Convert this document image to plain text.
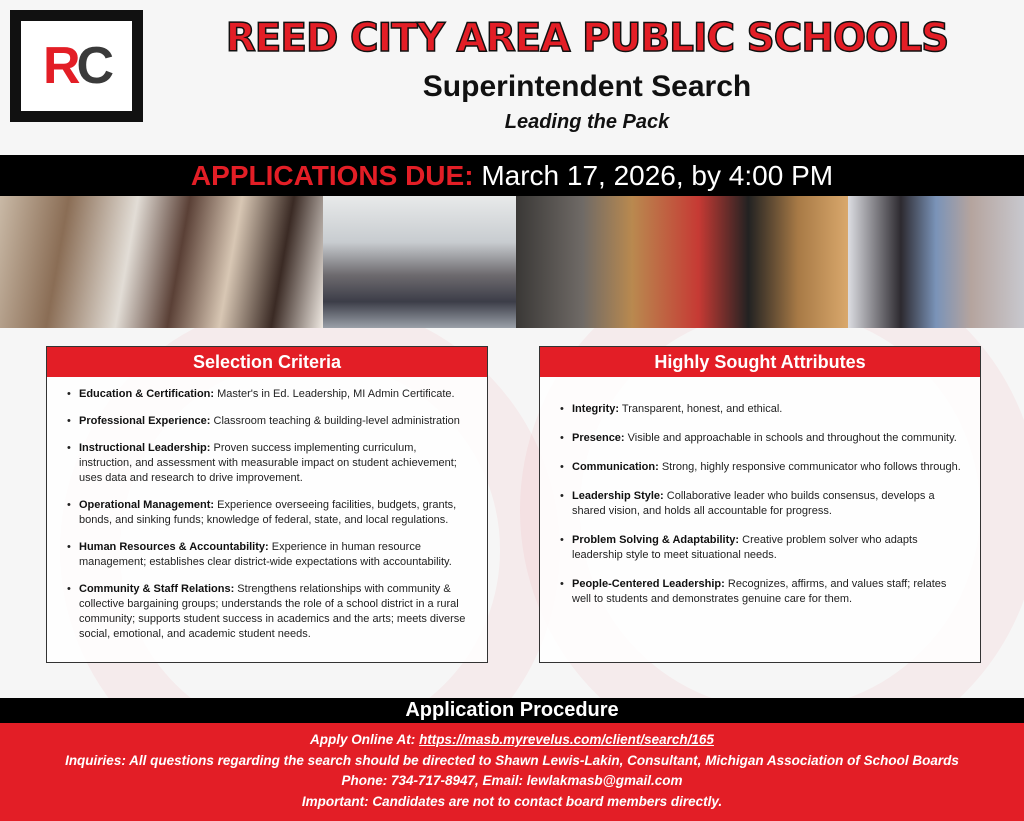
R C	REED CITY AREA PUBLIC SCHOOLS
Superintendent Search
Leading the Pack
APPLICATIONS DUE: March 17, 2026, by 4:00 PM
Selection Criteria
• Education & Certification: Master's in Ed. Leadership, MI Admin Certificate.
• Professional Experience: Classroom teaching & building-level administration
• Instructional Leadership: Proven success implementing curriculum, instruction, and assessment with measurable impact on student achievement; uses data and research to drive improvement.
• Operational Management: Experience overseeing facilities, budgets, grants, bonds, and sinking funds; knowledge of federal, state, and local regulations.
• Human Resources & Accountability: Experience in human resource management; establishes clear district-wide expectations with accountability.
• Community & Staff Relations: Strengthens relationships with community & collective bargaining groups; understands the role of a school district in a rural community; supports student success in academics and the arts; meets diverse social, emotional, and academic student needs.
Highly Sought Attributes
• Integrity: Transparent, honest, and ethical.
• Presence: Visible and approachable in schools and throughout the community.
• Communication: Strong, highly responsive communicator who follows through.
• Leadership Style: Collaborative leader who builds consensus, develops a shared vision, and holds all accountable for progress.
• Problem Solving & Adaptability: Creative problem solver who adapts leadership style to meet situational needs.
• People-Centered Leadership: Recognizes, affirms, and values staff; relates well to students and demonstrates genuine care for them.
Application Procedure
Apply Online At: https://masb.myrevelus.com/client/search/165
Inquiries: All questions regarding the search should be directed to Shawn Lewis-Lakin, Consultant, Michigan Association of School Boards
Phone: 734-717-8947, Email: lewlakmasb@gmail.com
Important: Candidates are not to contact board members directly.
